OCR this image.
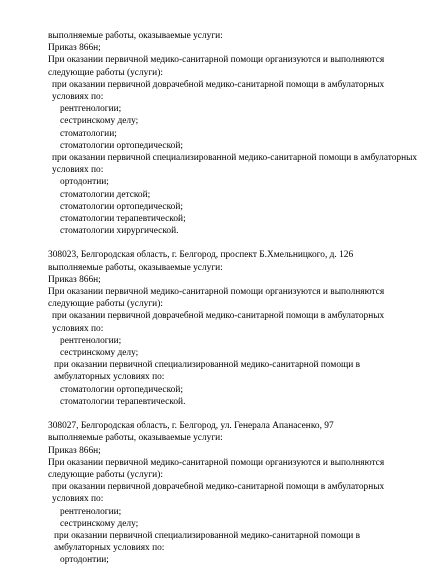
выполняемые работы, оказываемые услуги:

Приказ 866н;

При оказании первичной медико-санитарной помощи организуются и выполняются следующие работы (услуги):

при оказании первичной доврачебной медико-санитарной помощи в амбулаторных условиях по:

рентгенологии;

сестринскому делу;

стоматологии;

стоматологии ортопедической;

при оказании первичной специализированной медико-санитарной помощи в амбулаторных условиях по:

ортодонтии;

стоматологии детской;

стоматологии ортопедической;

стоматологии терапевтической;

стоматологии хирургической.

308023, Белгородская область, г. Белгород, проспект Б.Хмельницкого, д. 126

выполняемые работы, оказываемые услуги:

Приказ 866н;

При оказании первичной медико-санитарной помощи организуются и выполняются следующие работы (услуги):

при оказании первичной доврачебной медико-санитарной помощи в амбулаторных условиях по:

рентгенологии;

сестринскому делу;

при оказании первичной специализированной медико-санитарной помощи в амбулаторных условиях по:

стоматологии ортопедической;

стоматологии терапевтической.

308027, Белгородская область, г. Белгород, ул. Генерала Апанасенко, 97

выполняемые работы, оказываемые услуги:

Приказ 866н;

При оказании первичной медико-санитарной помощи организуются и выполняются следующие работы (услуги):

при оказании первичной доврачебной медико-санитарной помощи в амбулаторных условиях по:

рентгенологии;

сестринскому делу;

при оказании первичной специализированной медико-санитарной помощи в амбулаторных условиях по:

ортодонтии;
